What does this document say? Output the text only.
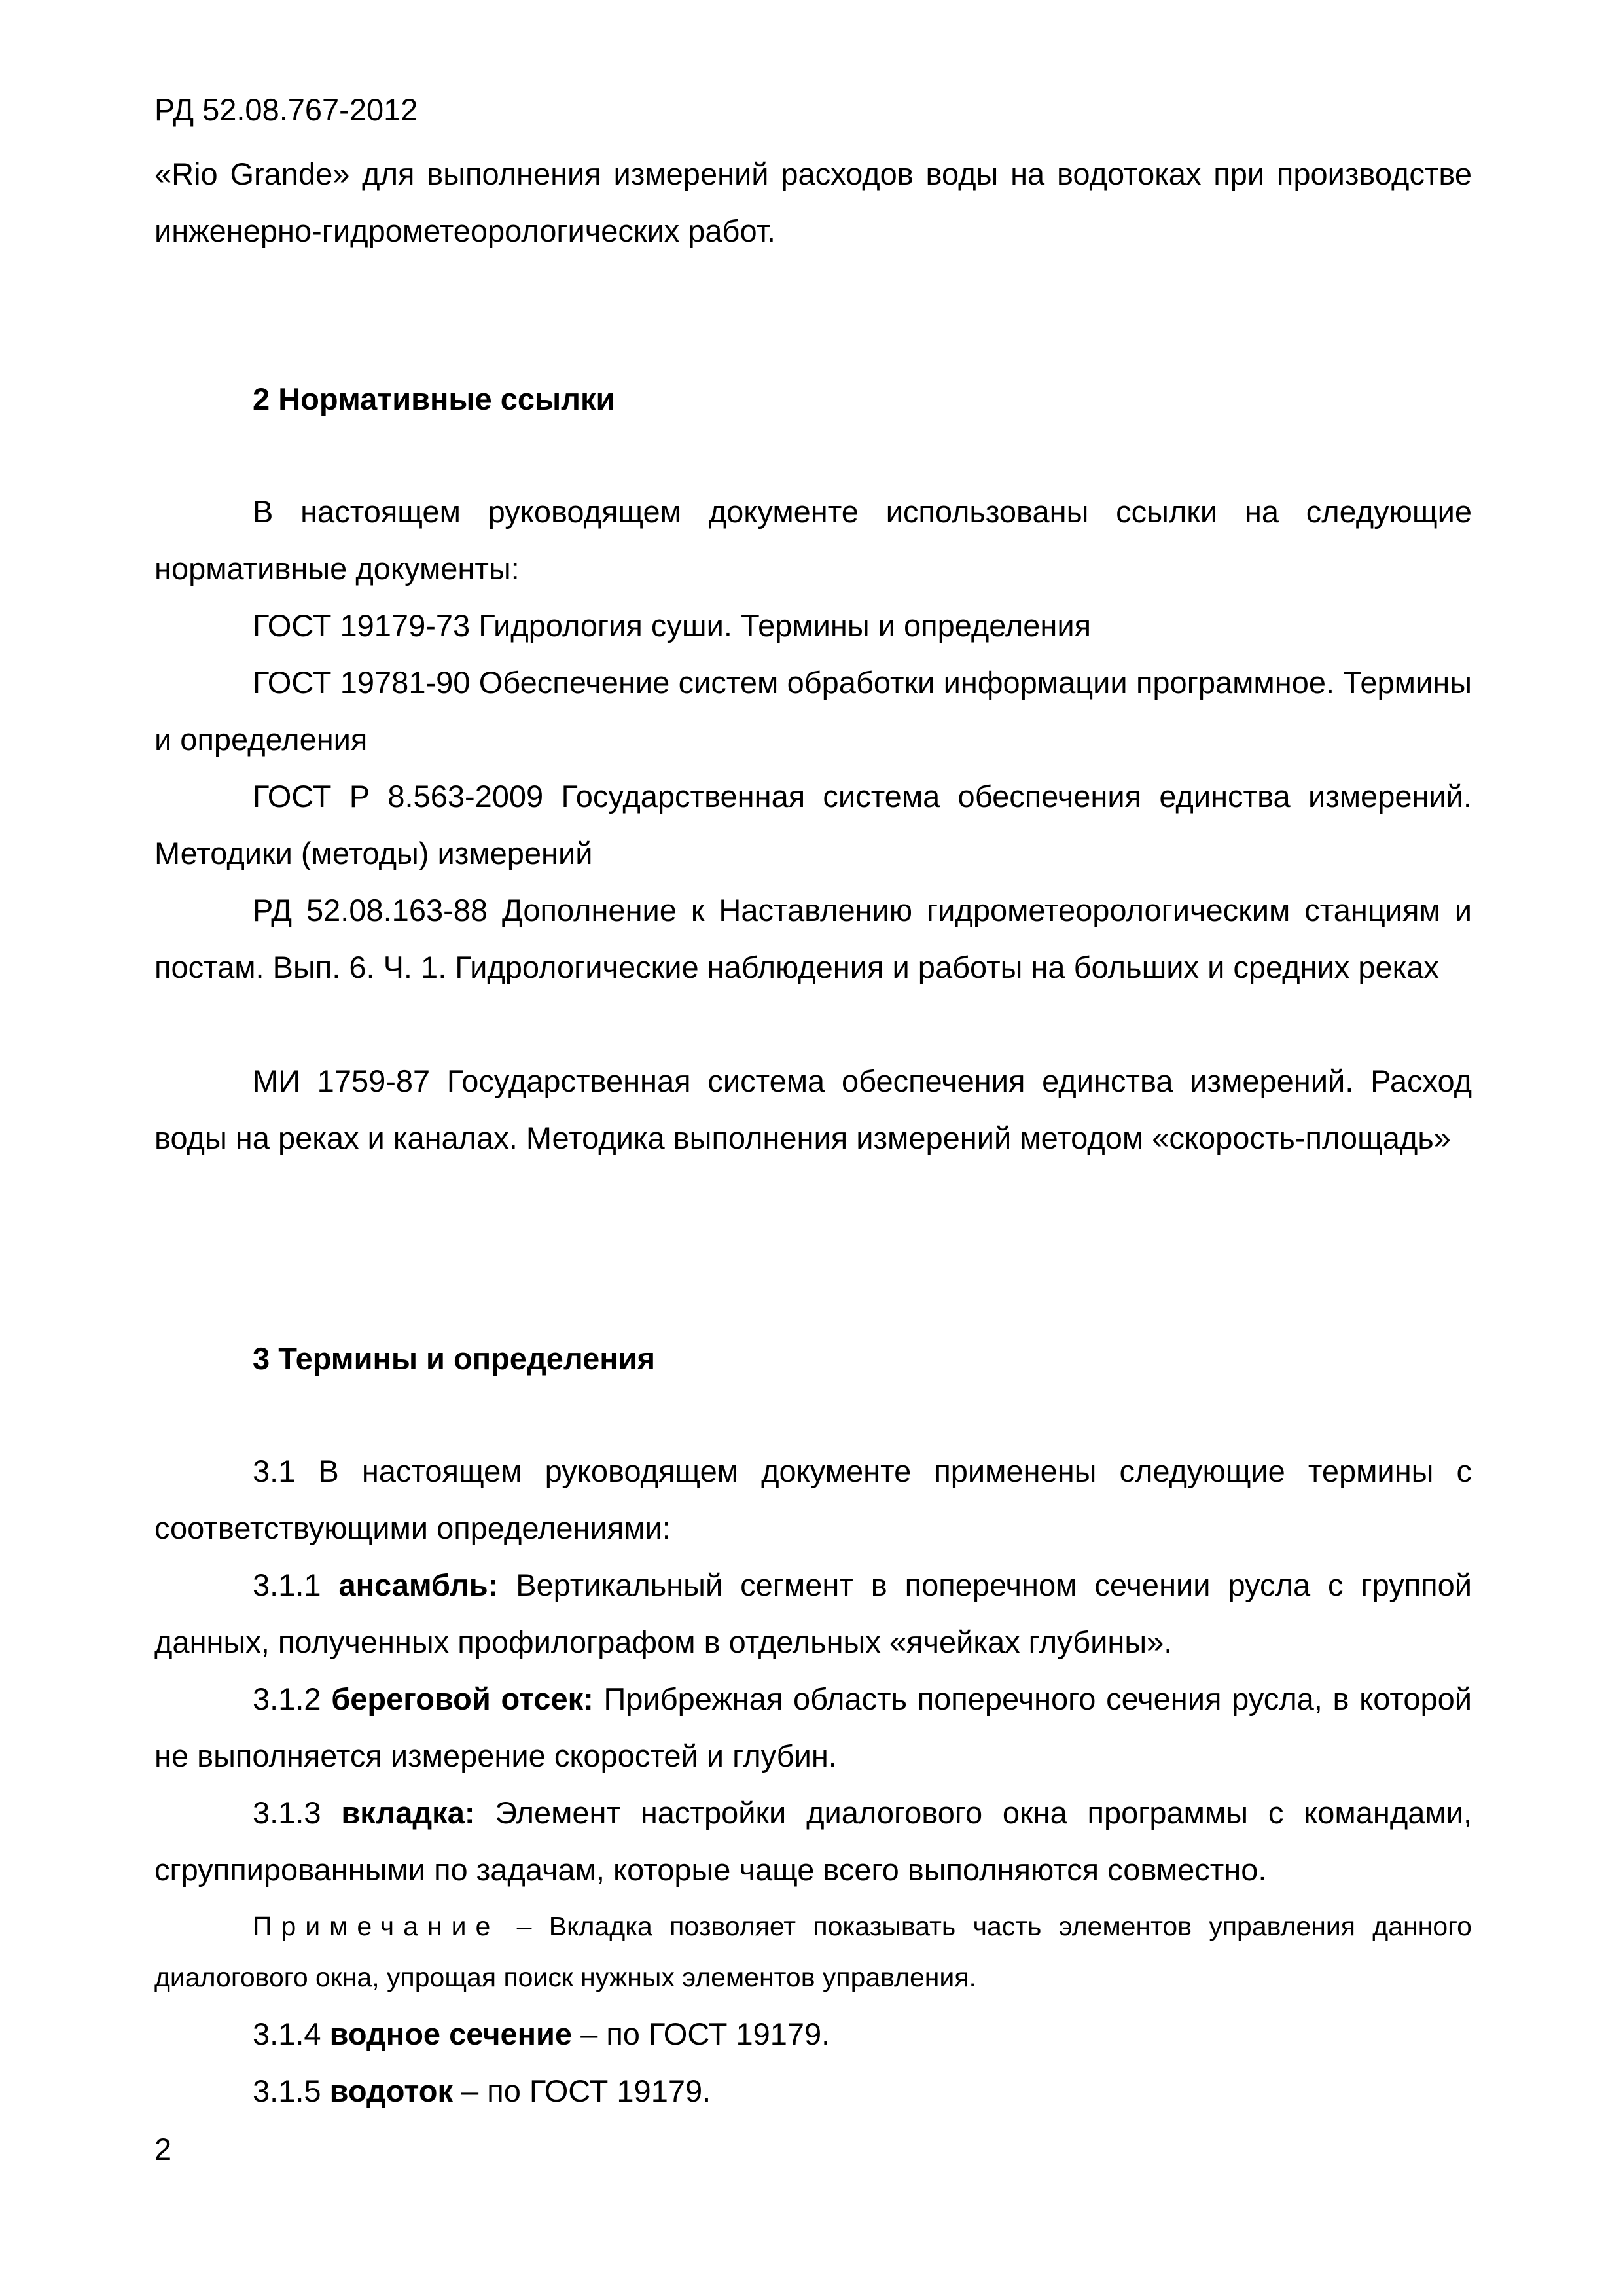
РД 52.08.767-2012

«Rio Grande» для выполнения измерений расходов воды на водотоках при производстве инженерно-гидрометеорологических работ.

2 Нормативные ссылки

В настоящем руководящем документе использованы ссылки на следующие нормативные документы:

ГОСТ 19179-73 Гидрология суши. Термины и определения

ГОСТ 19781-90 Обеспечение систем обработки информации программное. Термины и определения

ГОСТ Р 8.563-2009 Государственная система обеспечения единства измерений. Методики (методы) измерений

РД 52.08.163-88 Дополнение к Наставлению гидрометеорологическим станциям и постам. Вып. 6. Ч. 1. Гидрологические наблюдения и работы на больших и средних реках

МИ 1759-87 Государственная система обеспечения единства измерений. Расход воды на реках и каналах. Методика выполнения измерений методом «скорость-площадь»

3 Термины и определения

3.1 В настоящем руководящем документе применены следующие термины с соответствующими определениями:

3.1.1 ансамбль: Вертикальный сегмент в поперечном сечении русла с группой данных, полученных профилографом в отдельных «ячейках глубины».

3.1.2 береговой отсек: Прибрежная область поперечного сечения русла, в которой не выполняется измерение скоростей и глубин.

3.1.3 вкладка: Элемент настройки диалогового окна программы с командами, сгруппированными по задачам, которые чаще всего выполняются совместно.

Примечание – Вкладка позволяет показывать часть элементов управления данного диалогового окна, упрощая поиск нужных элементов управления.

3.1.4 водное сечение – по ГОСТ 19179.

3.1.5 водоток – по ГОСТ 19179.

2
